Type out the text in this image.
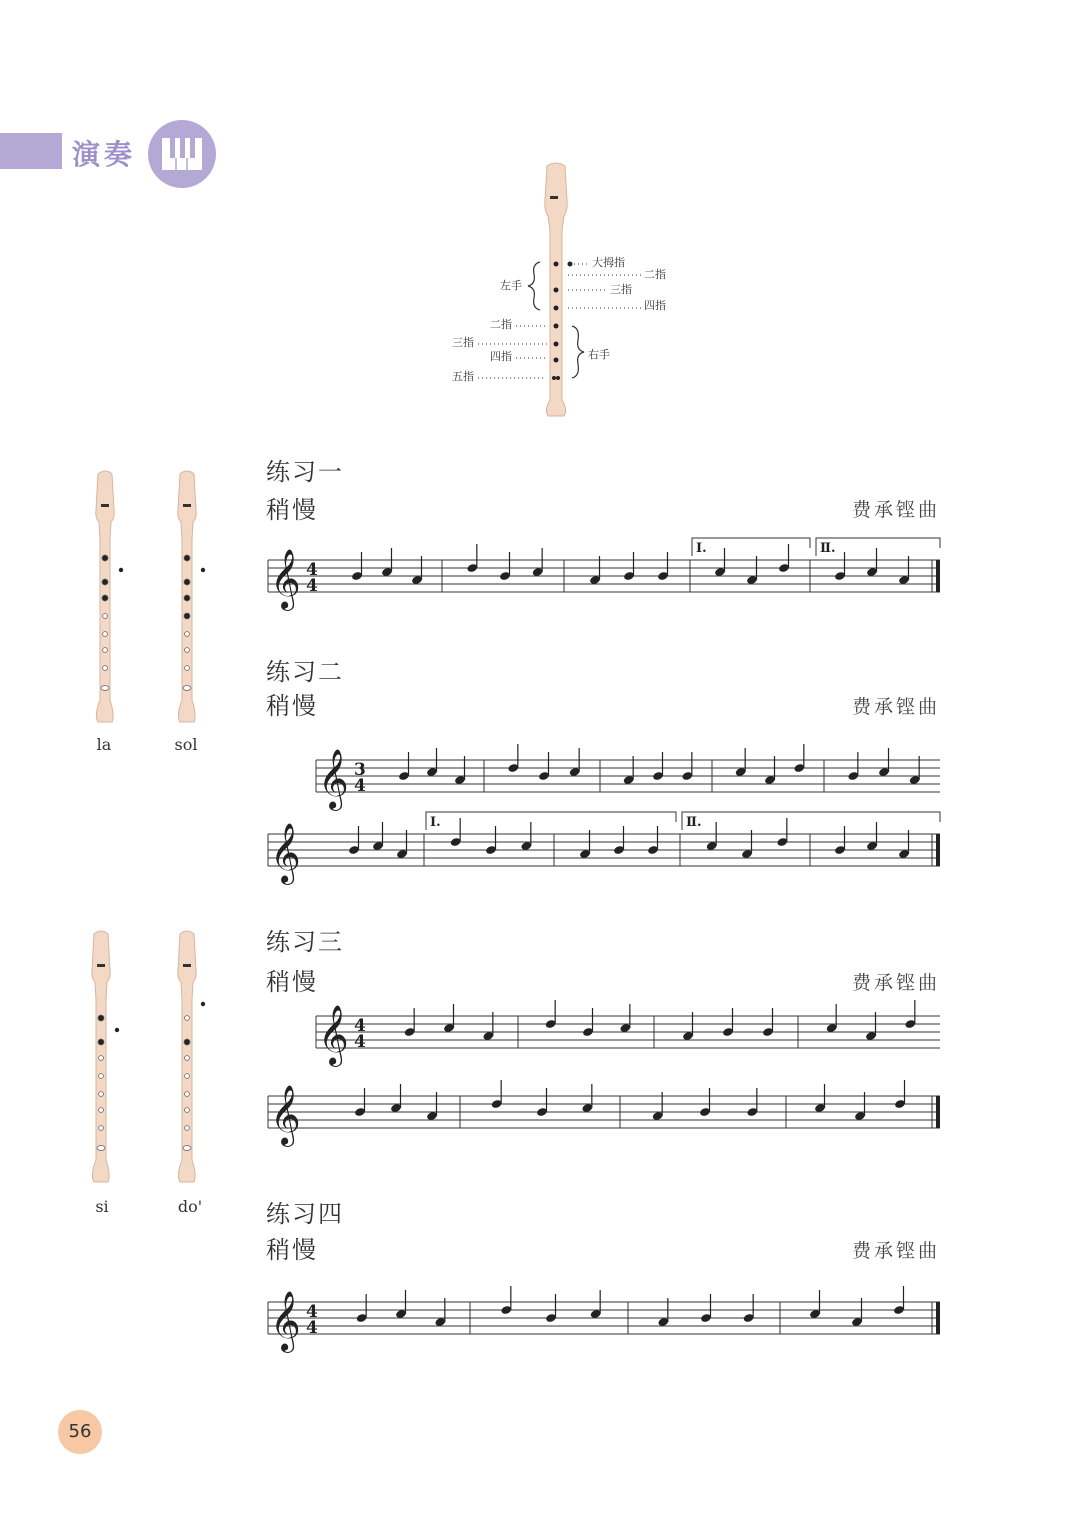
演奏
大拇指
二指
三指
四指
左手
二指
三指
四指
五指
右手
la	sol
si	do'
练习一
稍慢	费承铿曲
𝄞 4
4
Ⅰ.	Ⅱ.
练习二
稍慢	费承铿曲
𝄞 3
4
𝄞
Ⅰ.	Ⅱ.
练习三
稍慢	费承铿曲
𝄞 4
4
𝄞
练习四
稍慢	费承铿曲
𝄞 4
4
56
